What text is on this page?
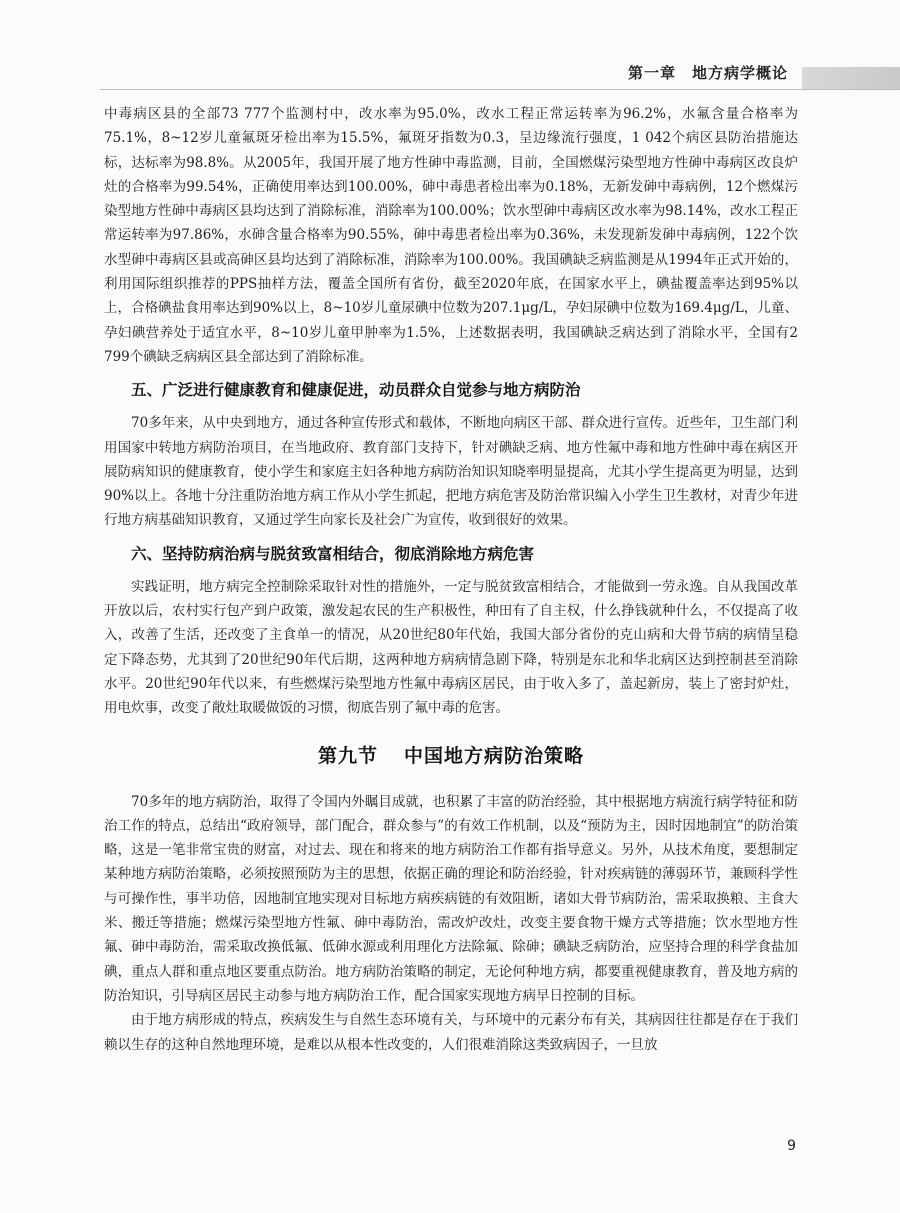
第一章　地方病学概论

中毒病区县的全部73 777个监测村中，改水率为95.0%，改水工程正常运转率为96.2%，水氟含量合格率为75.1%，8~12岁儿童氟斑牙检出率为15.5%，氟斑牙指数为0.3，呈边缘流行强度，1 042个病区县防治措施达标，达标率为98.8%。从2005年，我国开展了地方性砷中毒监测，目前，全国燃煤污染型地方性砷中毒病区改良炉灶的合格率为99.54%，正确使用率达到100.00%，砷中毒患者检出率为0.18%，无新发砷中毒病例，12个燃煤污染型地方性砷中毒病区县均达到了消除标准，消除率为100.00%；饮水型砷中毒病区改水率为98.14%，改水工程正常运转率为97.86%，水砷含量合格率为90.55%，砷中毒患者检出率为0.36%，未发现新发砷中毒病例，122个饮水型砷中毒病区县或高砷区县均达到了消除标准，消除率为100.00%。我国碘缺乏病监测是从1994年正式开始的，利用国际组织推荐的PPS抽样方法，覆盖全国所有省份，截至2020年底，在国家水平上，碘盐覆盖率达到95%以上，合格碘盐食用率达到90%以上，8~10岁儿童尿碘中位数为207.1μg/L，孕妇尿碘中位数为169.4μg/L，儿童、孕妇碘营养处于适宜水平，8~10岁儿童甲肿率为1.5%，上述数据表明，我国碘缺乏病达到了消除水平，全国有2 799个碘缺乏病病区县全部达到了消除标准。

五、广泛进行健康教育和健康促进，动员群众自觉参与地方病防治

70多年来，从中央到地方，通过各种宣传形式和载体，不断地向病区干部、群众进行宣传。近些年，卫生部门利用国家中转地方病防治项目，在当地政府、教育部门支持下，针对碘缺乏病、地方性氟中毒和地方性砷中毒在病区开展防病知识的健康教育，使小学生和家庭主妇各种地方病防治知识知晓率明显提高，尤其小学生提高更为明显，达到90%以上。各地十分注重防治地方病工作从小学生抓起，把地方病危害及防治常识编入小学生卫生教材，对青少年进行地方病基础知识教育，又通过学生向家长及社会广为宣传，收到很好的效果。

六、坚持防病治病与脱贫致富相结合，彻底消除地方病危害

实践证明，地方病完全控制除采取针对性的措施外，一定与脱贫致富相结合，才能做到一劳永逸。自从我国改革开放以后，农村实行包产到户政策，激发起农民的生产积极性，种田有了自主权，什么挣钱就种什么，不仅提高了收入，改善了生活，还改变了主食单一的情况，从20世纪80年代始，我国大部分省份的克山病和大骨节病的病情呈稳定下降态势，尤其到了20世纪90年代后期，这两种地方病病情急剧下降，特别是东北和华北病区达到控制甚至消除水平。20世纪90年代以来，有些燃煤污染型地方性氟中毒病区居民，由于收入多了，盖起新房，装上了密封炉灶，用电炊事，改变了敞灶取暖做饭的习惯，彻底告别了氟中毒的危害。

第九节 中国地方病防治策略

70多年的地方病防治，取得了令国内外瞩目成就，也积累了丰富的防治经验，其中根据地方病流行病学特征和防治工作的特点，总结出“政府领导，部门配合，群众参与”的有效工作机制，以及“预防为主，因时因地制宜”的防治策略，这是一笔非常宝贵的财富，对过去、现在和将来的地方病防治工作都有指导意义。另外，从技术角度，要想制定某种地方病防治策略，必须按照预防为主的思想，依据正确的理论和防治经验，针对疾病链的薄弱环节，兼顾科学性与可操作性，事半功倍，因地制宜地实现对目标地方病疾病链的有效阻断，诸如大骨节病防治，需采取换粮、主食大米、搬迁等措施；燃煤污染型地方性氟、砷中毒防治，需改炉改灶，改变主要食物干燥方式等措施；饮水型地方性氟、砷中毒防治，需采取改换低氟、低砷水源或利用理化方法除氟、除砷；碘缺乏病防治，应坚持合理的科学食盐加碘，重点人群和重点地区要重点防治。地方病防治策略的制定，无论何种地方病，都要重视健康教育，普及地方病的防治知识，引导病区居民主动参与地方病防治工作，配合国家实现地方病早日控制的目标。

由于地方病形成的特点，疾病发生与自然生态环境有关，与环境中的元素分布有关，其病因往往都是存在于我们赖以生存的这种自然地理环境，是难以从根本性改变的，人们很难消除这类致病因子，一旦放

9
